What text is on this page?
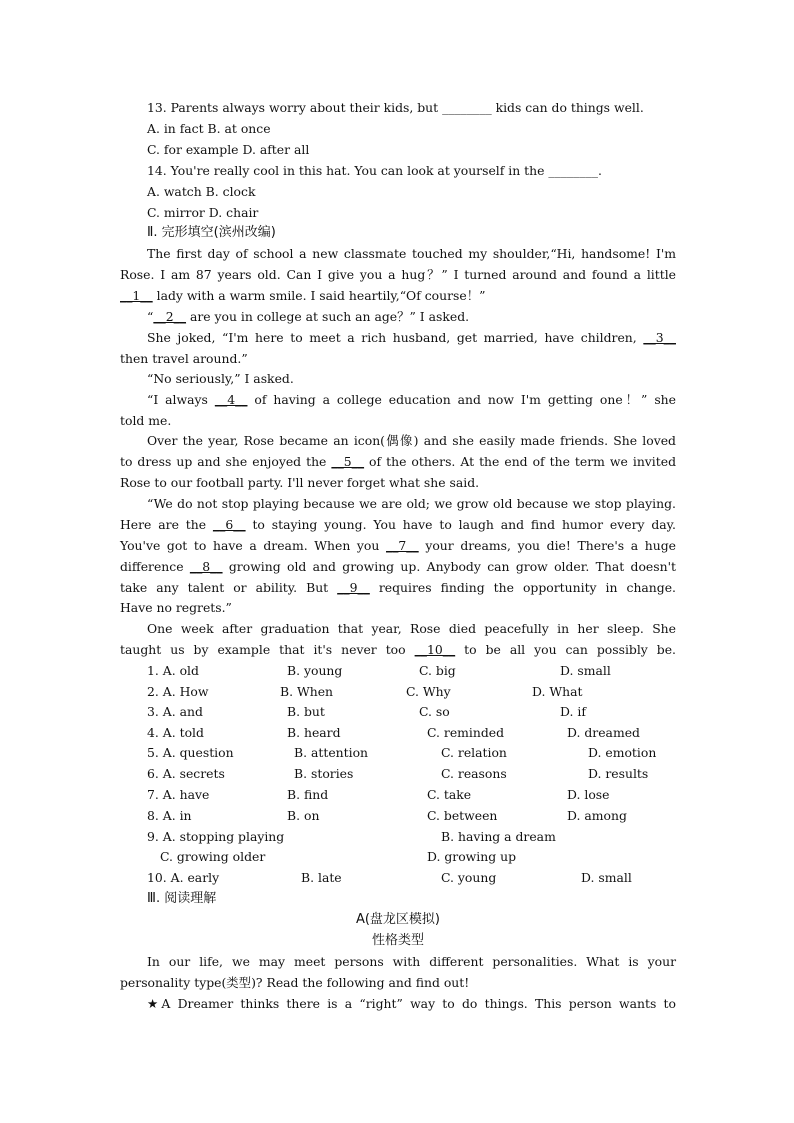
13. Parents always worry about their kids, but ________ kids can do things well.
A. in fact B. at once
C. for example D. after all
14. You're really cool in this hat. You can look at yourself in the ________.
A. watch B. clock
C. mirror D. chair
Ⅱ. 完形填空(滨州改编)
The first day of school a new classmate touched my shoulder,“Hi, handsome! I'm
Rose. I am 87 years old. Can I give you a hug？” I turned around and found a little
__1__ lady with a warm smile. I said heartily,“Of course！”
“__2__ are you in college at such an age？” I asked.
She joked, “I'm here to meet a rich husband, get married, have children, __3__
then travel around.”
“No seriously,” I asked.
“I always __4__ of having a college education and now I'm getting one！” she
told me.
Over the year, Rose became an icon(偶像) and she easily made friends. She loved
to dress up and she enjoyed the __5__ of the others. At the end of the term we invited
Rose to our football party. I'll never forget what she said.
“We do not stop playing because we are old; we grow old because we stop playing.
Here are the __6__ to staying young. You have to laugh and find humor every day.
You've got to have a dream. When you __7__ your dreams, you die! There's a huge
difference __8__ growing old and growing up. Anybody can grow older. That doesn't
take any talent or ability. But __9__ requires finding the opportunity in change.
Have no regrets.”
One week after graduation that year, Rose died peacefully in her sleep. She
taught us by example that it's never too __10__ to be all you can possibly be.
1. A. old	B. young	C. big	D. small
2. A. How	B. When	C. Why	D. What
3. A. and	B. but	C. so	D. if
4. A. told	B. heard	C. reminded	D. dreamed
5. A. question	B. attention	C. relation	D. emotion
6. A. secrets	B. stories	C. reasons	D. results
7. A. have	B. find	C. take	D. lose
8. A. in	B. on	C. between	D. among
9. A. stopping playing	B. having a dream
C. growing older	D. growing up
10. A. early	B. late	C. young	D. small
Ⅲ. 阅读理解
A(盘龙区模拟)
性格类型
In our life, we may meet persons with different personalities. What is your
personality type(类型)? Read the following and find out!
★A Dreamer thinks there is a “right” way to do things. This person wants to
